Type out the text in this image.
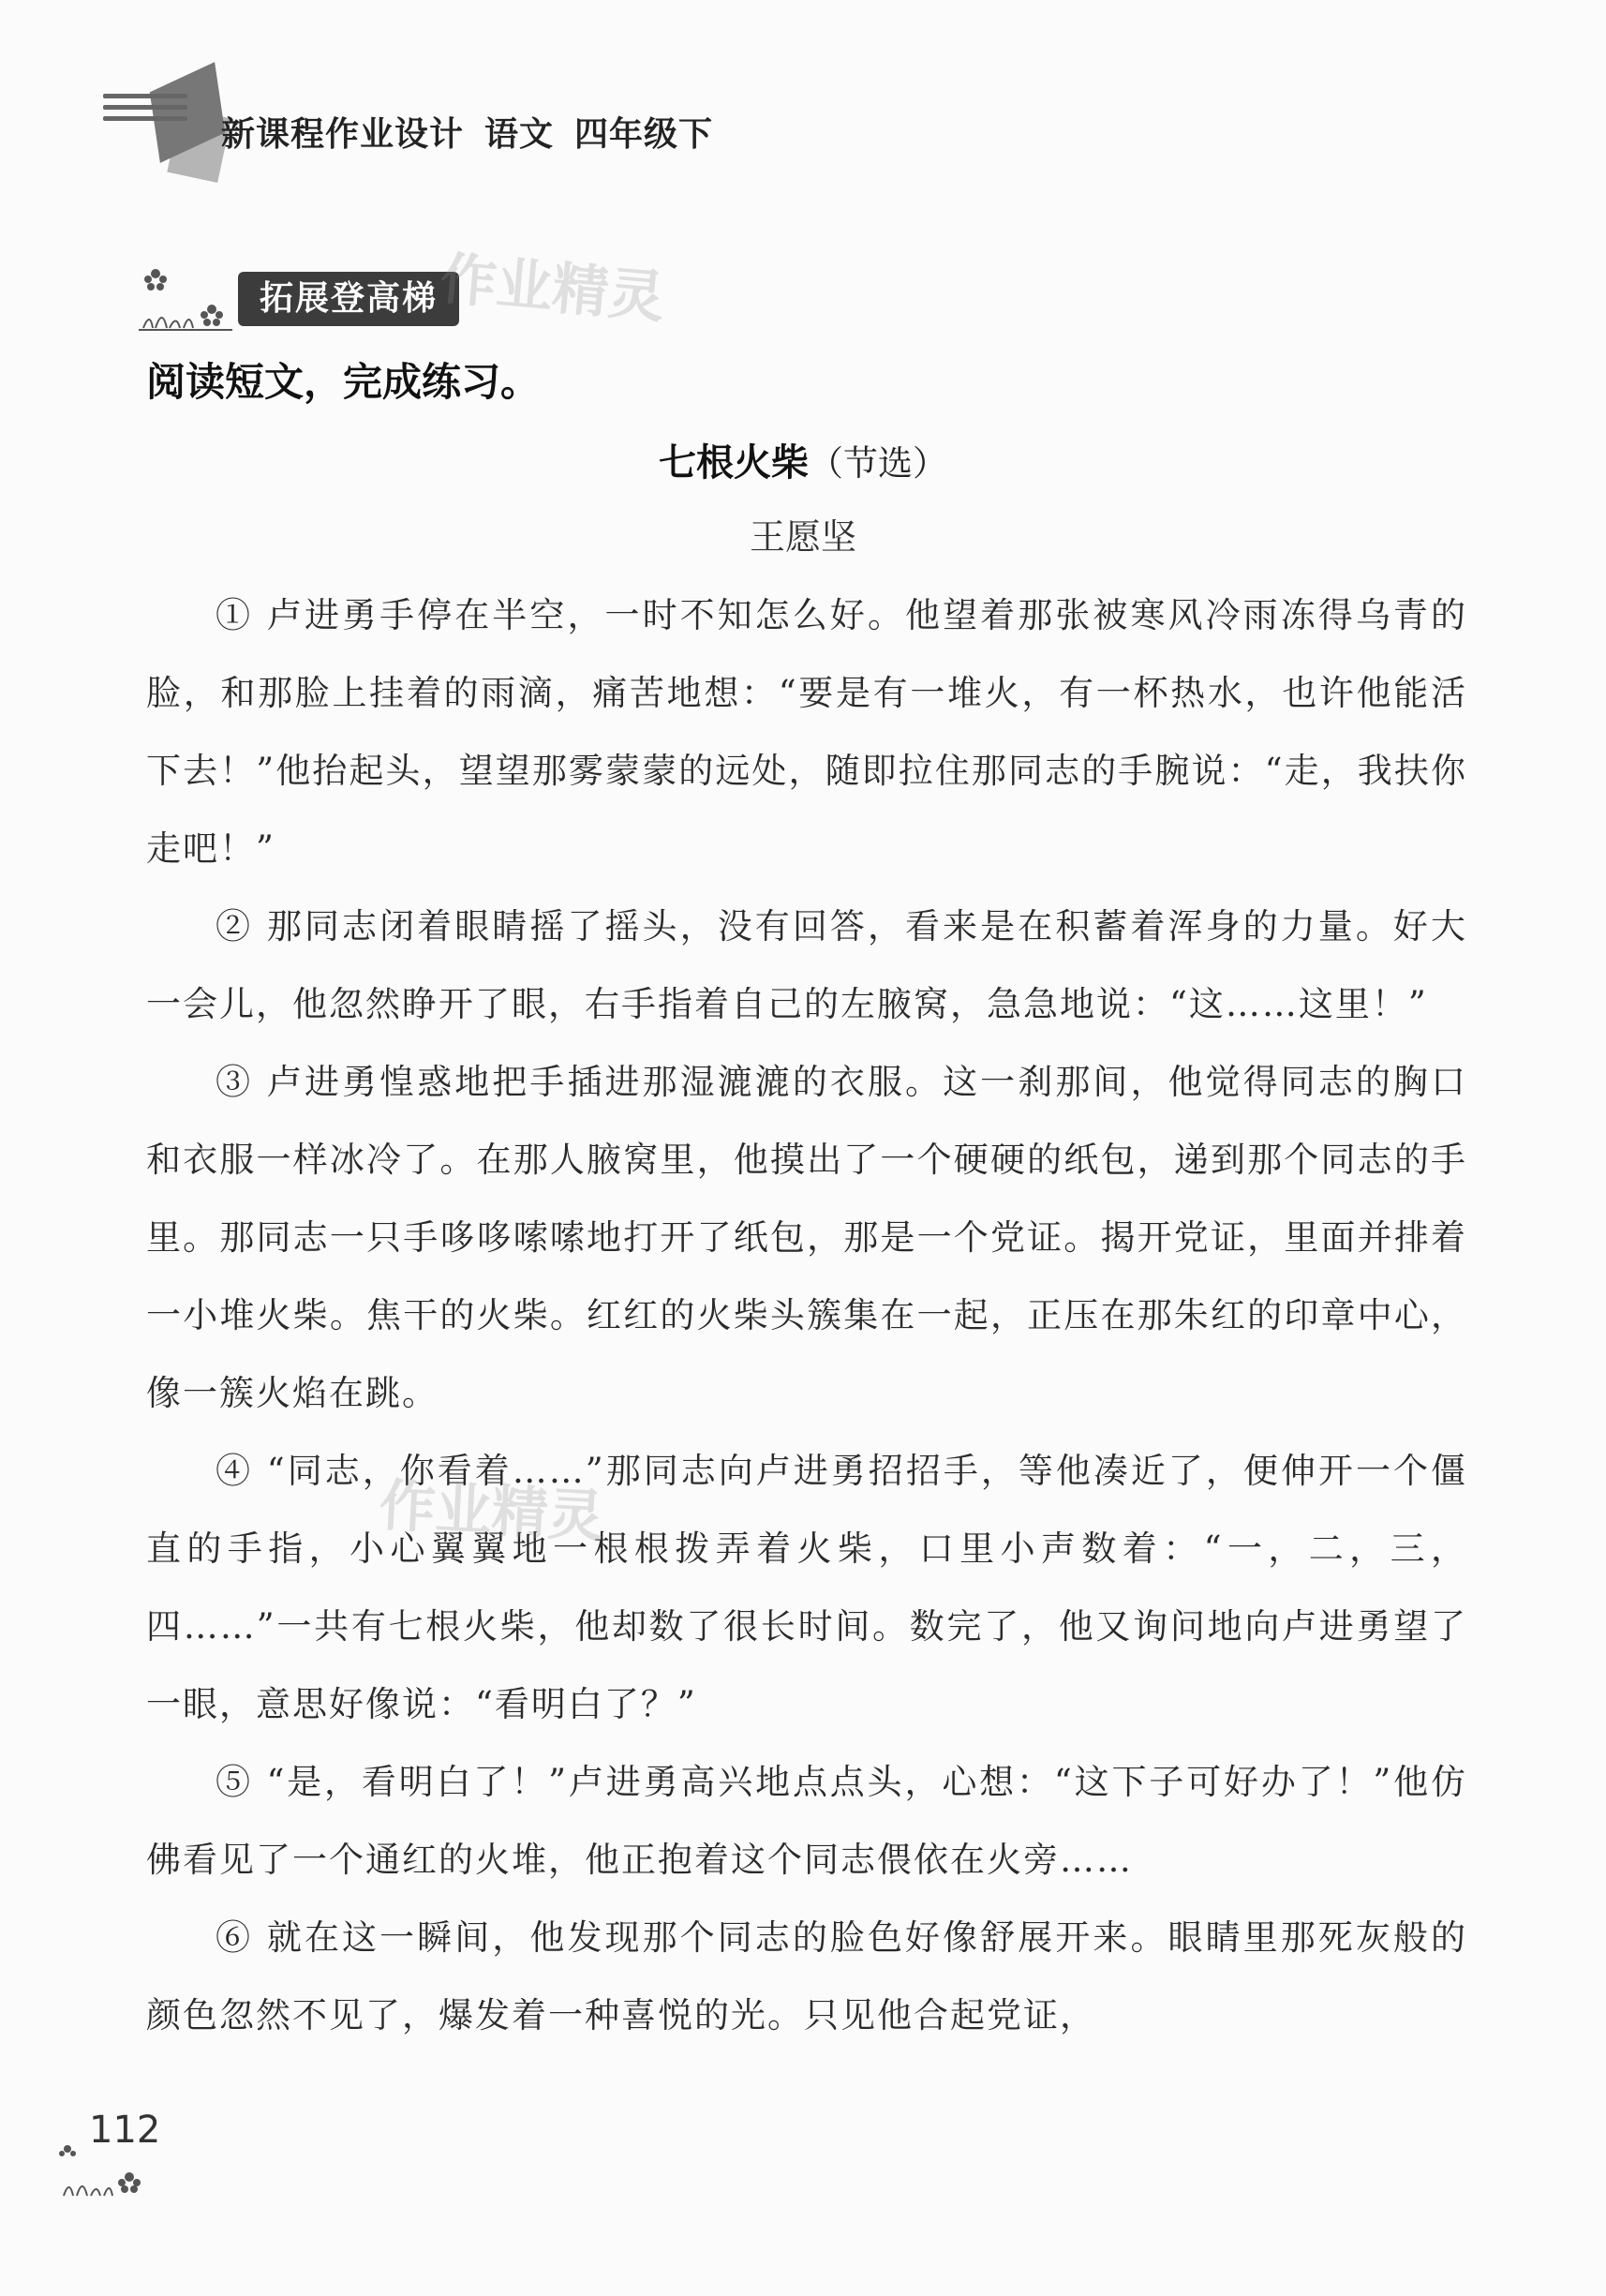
新课程作业设计 语文 四年级下
拓展登高梯 作业精灵
阅读短文，完成练习。
七根火柴（节选）
王愿坚

① 卢进勇手停在半空，一时不知怎么好。他望着那张被寒风冷雨冻得乌青的脸，和那脸上挂着的雨滴，痛苦地想：“要是有一堆火，有一杯热水，也许他能活下去！”他抬起头，望望那雾蒙蒙的远处，随即拉住那同志的手腕说：“走，我扶你走吧！”

② 那同志闭着眼睛摇了摇头，没有回答，看来是在积蓄着浑身的力量。好大一会儿，他忽然睁开了眼，右手指着自己的左腋窝，急急地说：“这……这里！”

③ 卢进勇惶惑地把手插进那湿漉漉的衣服。这一刹那间，他觉得同志的胸口和衣服一样冰冷了。在那人腋窝里，他摸出了一个硬硬的纸包，递到那个同志的手里。那同志一只手哆哆嗦嗦地打开了纸包，那是一个党证。揭开党证，里面并排着一小堆火柴。焦干的火柴。红红的火柴头簇集在一起，正压在那朱红的印章中心，像一簇火焰在跳。

④ “同志，你看着……”那同志向卢进勇招招手，等他凑近了，便伸开一个僵直的手指，小心翼翼地一根根拨弄着火柴，口里小声数着：“一，二，三，四……”一共有七根火柴，他却数了很长时间。数完了，他又询问地向卢进勇望了一眼，意思好像说：“看明白了？”

⑤ “是，看明白了！”卢进勇高兴地点点头，心想：“这下子可好办了！”他仿佛看见了一个通红的火堆，他正抱着这个同志偎依在火旁……

⑥ 就在这一瞬间，他发现那个同志的脸色好像舒展开来。眼睛里那死灰般的颜色忽然不见了，爆发着一种喜悦的光。只见他合起党证，

作业精灵
112
